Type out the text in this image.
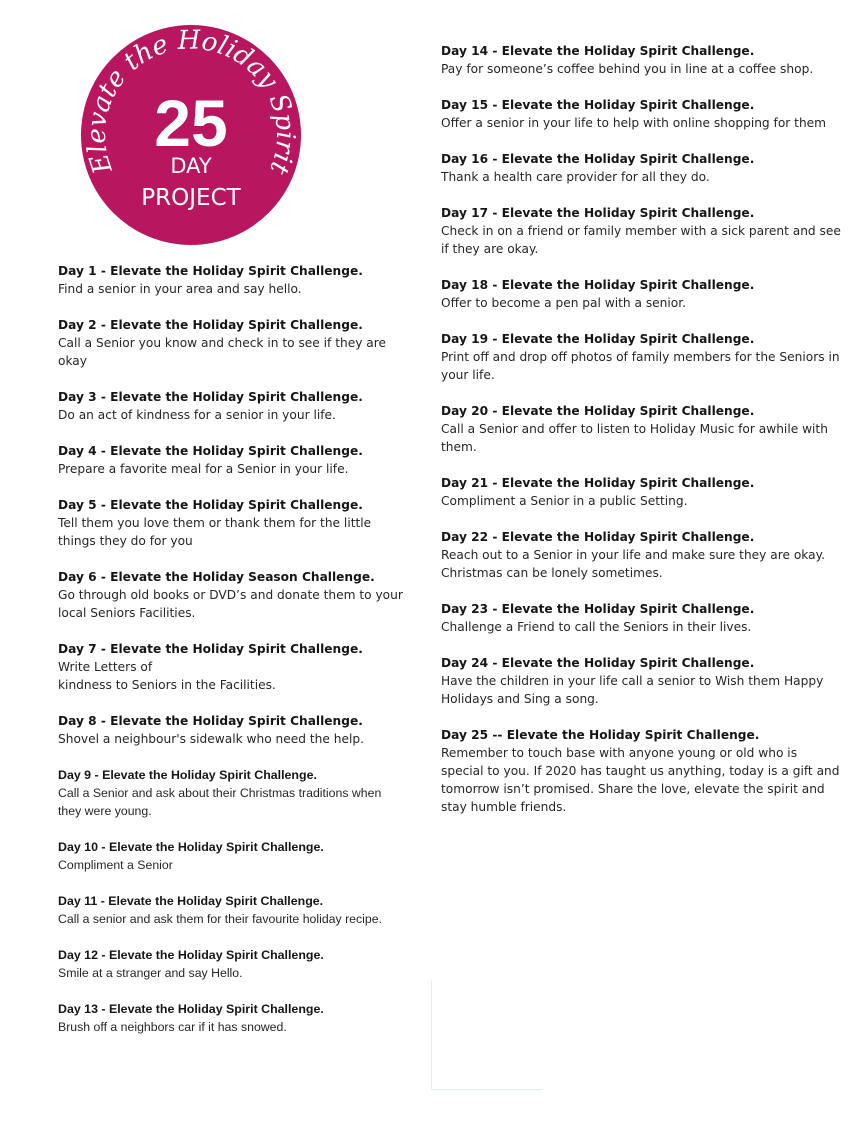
Elevate the Holiday Spirit
25
DAY
PROJECT
Day 1 - Elevate the Holiday Spirit Challenge.
Find a senior in your area and say hello.
Day 2 - Elevate the Holiday Spirit Challenge.
Call a Senior you know and check in to see if they are okay
Day 3 - Elevate the Holiday Spirit Challenge.
Do an act of kindness for a senior in your life.
Day 4 - Elevate the Holiday Spirit Challenge.
Prepare a favorite meal for a Senior in your life.
Day 5 - Elevate the Holiday Spirit Challenge.
Tell them you love them or thank them for the little things they do for you
Day 6 - Elevate the Holiday Season Challenge.
Go through old books or DVD’s and donate them to your local Seniors Facilities.
Day 7 - Elevate the Holiday Spirit Challenge.
Write Letters of
kindness to Seniors in the Facilities.
Day 8 - Elevate the Holiday Spirit Challenge.
Shovel a neighbour's sidewalk who need the help.
Day 9 - Elevate the Holiday Spirit Challenge.
Call a Senior and ask about their Christmas traditions when they were young.
Day 10 - Elevate the Holiday Spirit Challenge.
Compliment a Senior
Day 11 - Elevate the Holiday Spirit Challenge.
Call a senior and ask them for their favourite holiday recipe.
Day 12 - Elevate the Holiday Spirit Challenge.
Smile at a stranger and say Hello.
Day 13 - Elevate the Holiday Spirit Challenge.
Brush off a neighbors car if it has snowed.
Day 14 - Elevate the Holiday Spirit Challenge.
Pay for someone’s coffee behind you in line at a coffee shop.
Day 15 - Elevate the Holiday Spirit Challenge.
Offer a senior in your life to help with online shopping for them
Day 16 - Elevate the Holiday Spirit Challenge.
Thank a health care provider for all they do.
Day 17 - Elevate the Holiday Spirit Challenge.
Check in on a friend or family member with a sick parent and see if they are okay.
Day 18 - Elevate the Holiday Spirit Challenge.
Offer to become a pen pal with a senior.
Day 19 - Elevate the Holiday Spirit Challenge.
Print off and drop off photos of family members for the Seniors in your life.
Day 20 - Elevate the Holiday Spirit Challenge.
Call a Senior and offer to listen to Holiday Music for awhile with them.
Day 21 - Elevate the Holiday Spirit Challenge.
Compliment a Senior in a public Setting.
Day 22 - Elevate the Holiday Spirit Challenge.
Reach out to a Senior in your life and make sure they are okay. Christmas can be lonely sometimes.
Day 23 - Elevate the Holiday Spirit Challenge.
Challenge a Friend to call the Seniors in their lives.
Day 24 - Elevate the Holiday Spirit Challenge.
Have the children in your life call a senior to Wish them Happy Holidays and Sing a song.
Day 25 -- Elevate the Holiday Spirit Challenge.
Remember to touch base with anyone young or old who is special to you. If 2020 has taught us anything, today is a gift and tomorrow isn’t promised. Share the love, elevate the spirit and stay humble friends.
